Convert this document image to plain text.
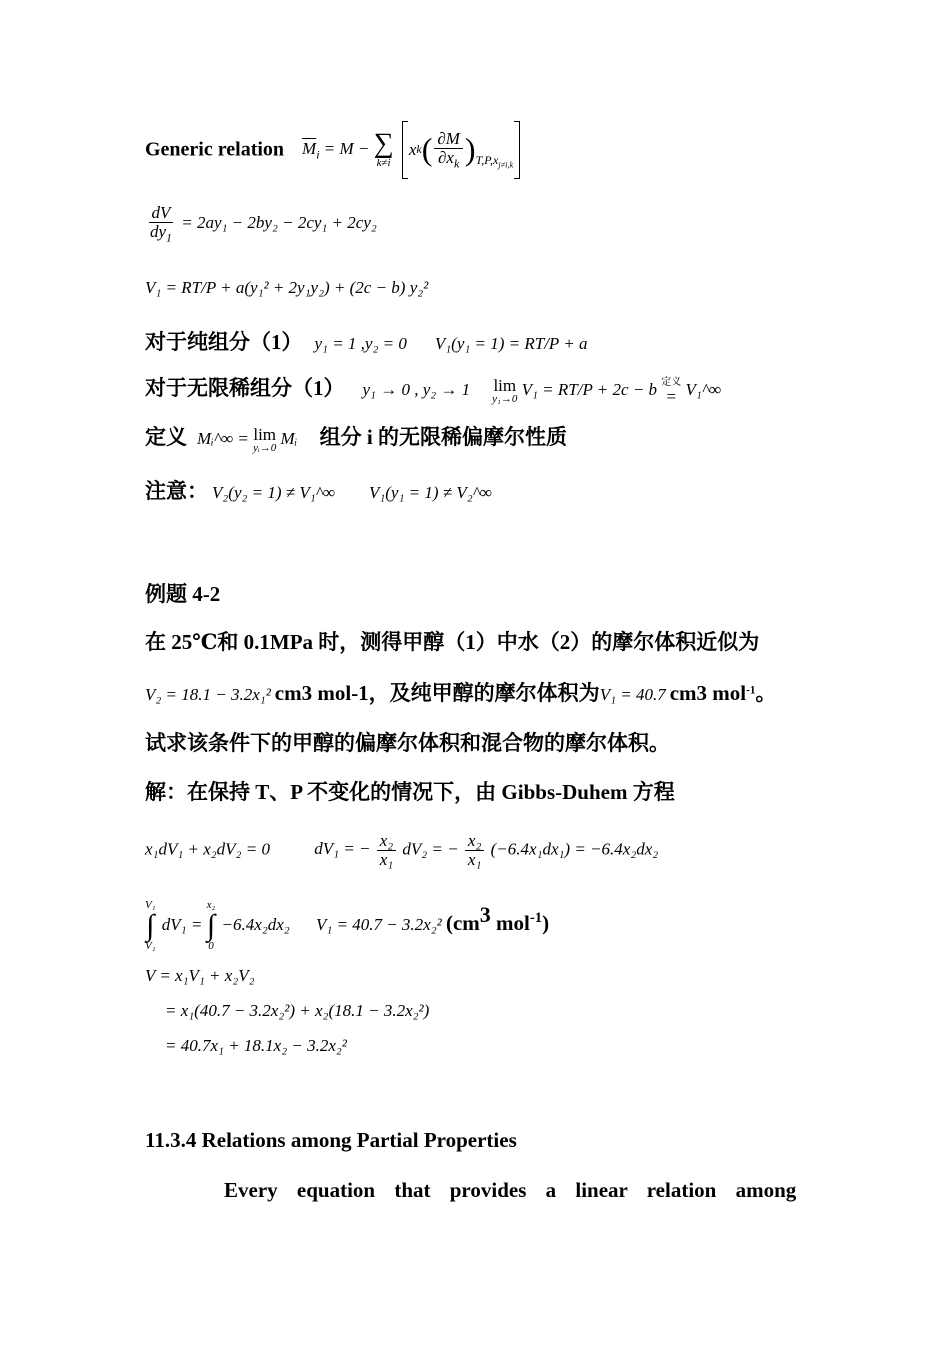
Generic relation $\overline{M}_i = M$ − ∑
k≠i

x k ( $\frac{\partial M}{\partial x_k}$ ) $_{T,P,x_{j\ne i,k}}$
$\frac{dV}{dy_1} = 2ay_1 - 2by_2 - 2cy_1 + 2cy_2$
V₁ = RT/P + a(y₁² + 2y₁y₂) + (2c − b) y₂²
对于纯组分（1） y₁ = 1 ,y₂ = 0 V₁(y₁ = 1) = RT/P + a
对于无限稀组分（1） y₁ → 0 , y₂ → 1 lim
y₁→0
V₁ = RT/P + 2c − b 定义
= V₁^∞
定义 Mᵢ^∞ = lim
yᵢ→0
Mᵢ 组分 i 的无限稀偏摩尔性质
注意： V₂(y₂ = 1) ≠ V₁^∞ V₁(y₁ = 1) ≠ V₂^∞
例题 4-2
在 25℃和 0.1MPa 时，测得甲醇（1）中水（2）的摩尔体积近似为
V₂ = 18.1 − 3.2x₁² cm3 mol-1，及纯甲醇的摩尔体积为V₁ = 40.7 cm3 mol$^{-1}$。
试求该条件下的甲醇的偏摩尔体积和混合物的摩尔体积。
解：在保持 T、P 不变化的情况下，由 Gibbs-Duhem 方程
x₁dV₁ + x₂dV₂ = 0	dV₁ = − $\frac{\text{x₂}}{\text{x₁}} dV_2$ = − $\frac{\text{x₂}}{\text{x₁}} (-6.4x_1dx_1) = -6.4x_2dx_2$
V₁
∫
V₁
dV₁ =
x₂
∫
0
−6.4x₂dx₂ V₁ = 40.7 − 3.2x₂² ($cm^3$ mol$^{-1}$)
V = x₁V₁ + x₂V₂
= x₁(40.7 − 3.2x₂²) + x₂(18.1 − 3.2x₂²)
= 40.7x₁ + 18.1x₂ − 3.2x₂²
11.3.4 Relations among Partial Properties
Every equation that provides a linear relation among
